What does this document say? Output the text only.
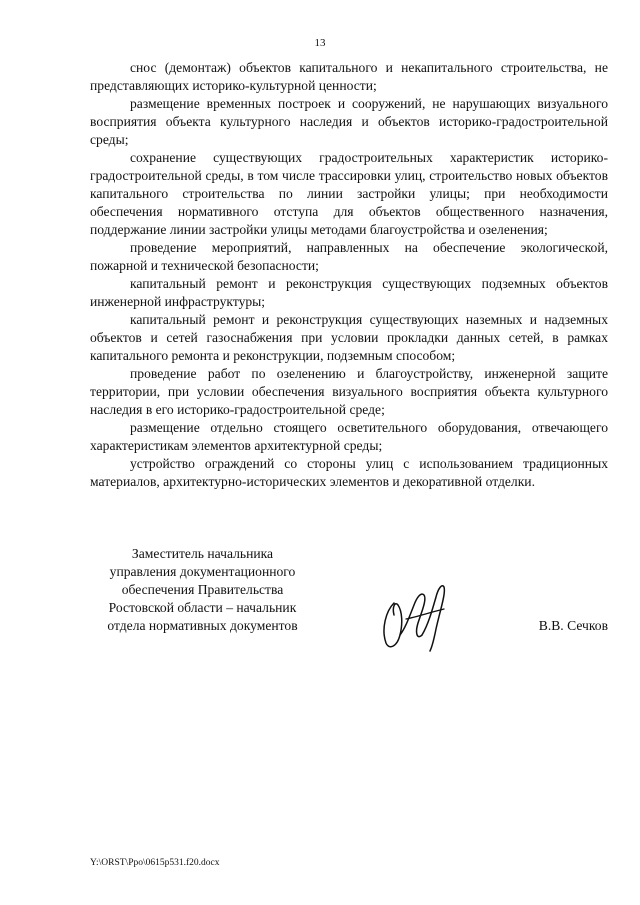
13

снос (демонтаж) объектов капитального и некапитального строительства, не представляющих историко-культурной ценности;

размещение временных построек и сооружений, не нарушающих визуального восприятия объекта культурного наследия и объектов историко-градостроительной среды;

сохранение существующих градостроительных характеристик историко-градостроительной среды, в том числе трассировки улиц, строительство новых объектов капитального строительства по линии застройки улицы; при необходимости обеспечения нормативного отступа для объектов общественного назначения, поддержание линии застройки улицы методами благоустройства и озеленения;

проведение мероприятий, направленных на обеспечение экологической, пожарной и технической безопасности;

капитальный ремонт и реконструкция существующих подземных объектов инженерной инфраструктуры;

капитальный ремонт и реконструкция существующих наземных и надземных объектов и сетей газоснабжения при условии прокладки данных сетей, в рамках капитального ремонта и реконструкции, подземным способом;

проведение работ по озеленению и благоустройству, инженерной защите территории, при условии обеспечения визуального восприятия объекта культурного наследия в его историко-градостроительной среде;

размещение отдельно стоящего осветительного оборудования, отвечающего характеристикам элементов архитектурной среды;

устройство ограждений со стороны улиц с использованием традиционных материалов, архитектурно-исторических элементов и декоративной отделки.

Заместитель начальника
управления документационного
обеспечения Правительства
Ростовской области – начальник
отдела нормативных документов	В.В. Сечков
Y:\ORST\Ppo\0615p531.f20.docx
